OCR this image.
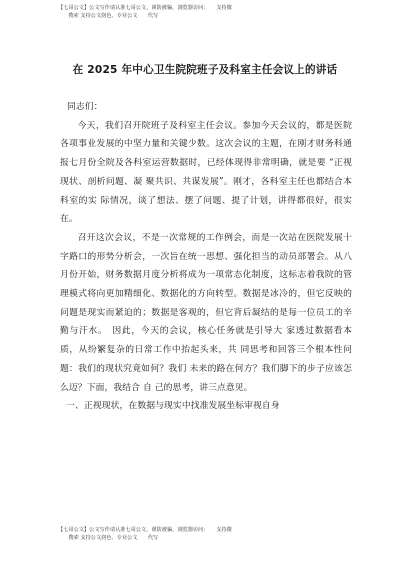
【七哥公文】公文写作请认准七哥公文，谨防被骗，浏览器访问：　　支持微
　　搜索 支持公文润色、专业公文　　代写
在 2025 年中心卫生院院班子及科室主任会议上的讲话

同志们：

今天，我们召开院班子及科室主任会议。参加今天会议的，都是医院各项事业发展的中坚力量和关键少数。这次会议的主题，在刚才财务科通报七月份全院及各科室运营数据时，已经体现得非常明确，就是要 “正视现状、剖析问题、凝 聚共识、共谋发展”。刚才，各科室主任也都结合本科室的实 际情况，谈了想法、摆了问题、提了计划，讲得都很好，很实 在。

召开这次会议，不是一次常规的工作例会，而是一次站在医院发展十字路口的形势分析会，一次旨在统一思想、强化担当的动员部署会。从八月份开始，财务数据月度分析将成为一项常态化制度，这标志着我院的管理模式将向更加精细化、数据化的方向转型。数据是冰冷的，但它反映的问题是现实而紧迫的；数据是客观的，但它背后凝结的是每一位员工的辛勤与汗水。　因此，今天的会议，核心任务就是引导大 家透过数据看本质，从纷繁复杂的日常工作中抬起头来，共 同思考和回答三个根本性问题：我们的现状究竟如何？我们 未来的路在何方？我们脚下的步子应该怎么迈？下面，我结合 自 己的思考，讲三点意见。

一、正视现状，在数据与现实中找准发展坐标审视自身

【七哥公文】公文写作请认准七哥公文，谨防被骗，浏览器访问：　　支持微
　　搜索 支持公文润色、专业公文　　代写
